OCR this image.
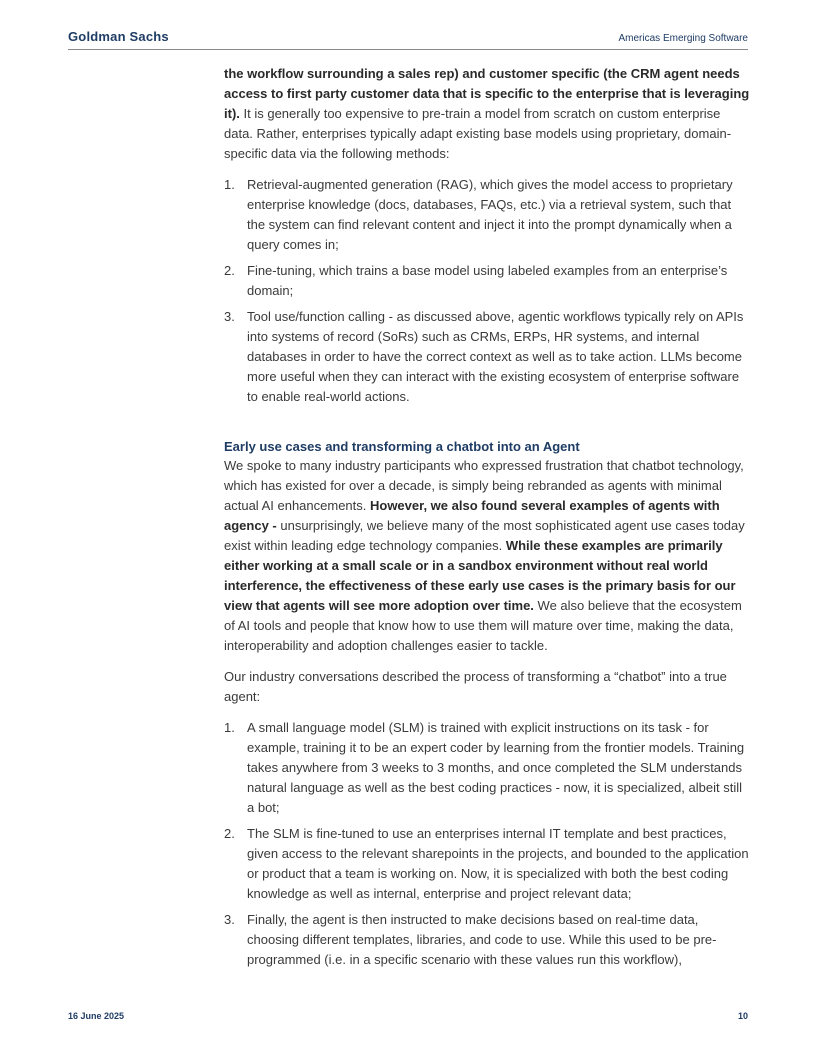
Goldman Sachs	Americas Emerging Software

the workflow surrounding a sales rep) and customer specific (the CRM agent needs access to first party customer data that is specific to the enterprise that is leveraging it). It is generally too expensive to pre-train a model from scratch on custom enterprise data. Rather, enterprises typically adapt existing base models using proprietary, domain-specific data via the following methods:

1. Retrieval-augmented generation (RAG), which gives the model access to proprietary enterprise knowledge (docs, databases, FAQs, etc.) via a retrieval system, such that the system can find relevant content and inject it into the prompt dynamically when a query comes in;
2. Fine-tuning, which trains a base model using labeled examples from an enterprise’s domain;
3. Tool use/function calling - as discussed above, agentic workflows typically rely on APIs into systems of record (SoRs) such as CRMs, ERPs, HR systems, and internal databases in order to have the correct context as well as to take action. LLMs become more useful when they can interact with the existing ecosystem of enterprise software to enable real-world actions.
Early use cases and transforming a chatbot into an Agent

We spoke to many industry participants who expressed frustration that chatbot technology, which has existed for over a decade, is simply being rebranded as agents with minimal actual AI enhancements. However, we also found several examples of agents with agency - unsurprisingly, we believe many of the most sophisticated agent use cases today exist within leading edge technology companies. While these examples are primarily either working at a small scale or in a sandbox environment without real world interference, the effectiveness of these early use cases is the primary basis for our view that agents will see more adoption over time. We also believe that the ecosystem of AI tools and people that know how to use them will mature over time, making the data, interoperability and adoption challenges easier to tackle.

Our industry conversations described the process of transforming a “chatbot” into a true agent:

1. A small language model (SLM) is trained with explicit instructions on its task - for example, training it to be an expert coder by learning from the frontier models. Training takes anywhere from 3 weeks to 3 months, and once completed the SLM understands natural language as well as the best coding practices - now, it is specialized, albeit still a bot;
2. The SLM is fine-tuned to use an enterprises internal IT template and best practices, given access to the relevant sharepoints in the projects, and bounded to the application or product that a team is working on. Now, it is specialized with both the best coding knowledge as well as internal, enterprise and project relevant data;
3. Finally, the agent is then instructed to make decisions based on real-time data, choosing different templates, libraries, and code to use. While this used to be pre-programmed (i.e. in a specific scenario with these values run this workflow),
16 June 2025	10
